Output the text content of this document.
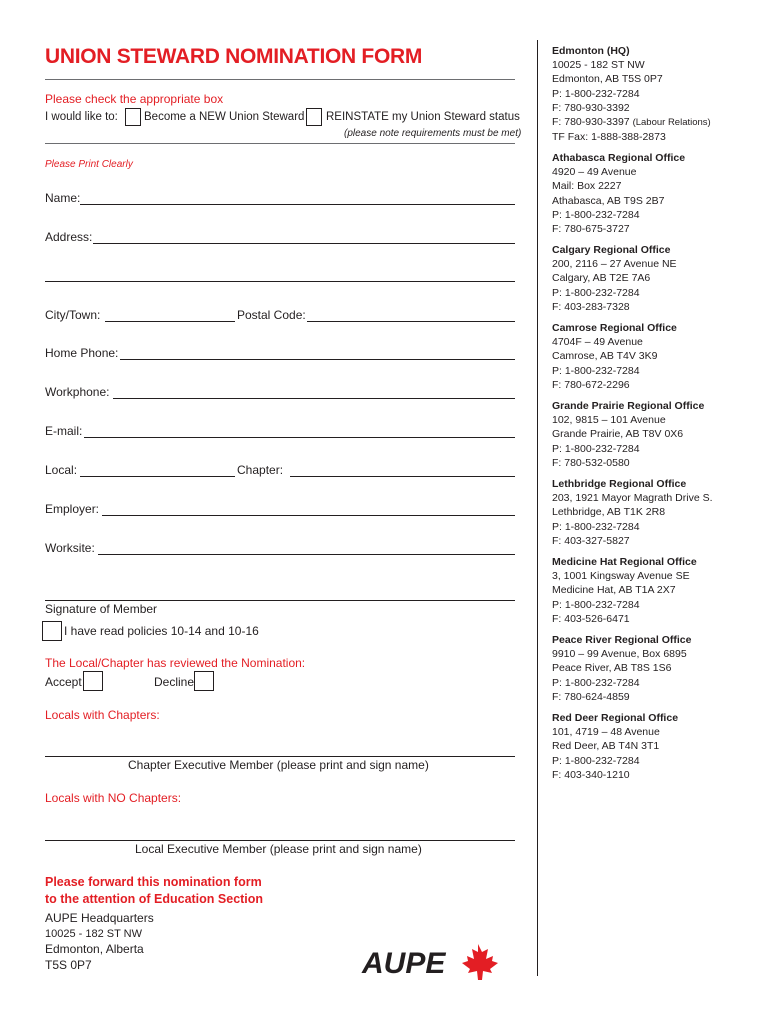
UNION STEWARD NOMINATION FORM
Please check the appropriate box
I would like to: Become a NEW Union Steward REINSTATE my Union Steward status
(please note requirements must be met)
Please Print Clearly
Name:
Address:
City/Town:	Postal Code:
Home Phone:
Workphone:
E-mail:
Local:	Chapter:
Employer:
Worksite:
Signature of Member
I have read policies 10-14 and 10-16
The Local/Chapter has reviewed the Nomination:
Accept	Decline
Locals with Chapters:
Chapter Executive Member (please print and sign name)
Locals with NO Chapters:
Local Executive Member (please print and sign name)
Please forward this nomination form
to the attention of Education Section
AUPE Headquarters
10025 - 182 ST NW
Edmonton, Alberta
T5S 0P7	AUPE
Edmonton (HQ)
10025 - 182 ST NW
Edmonton, AB T5S 0P7
P: 1-800-232-7284
F: 780-930-3392
F: 780-930-3397 (Labour Relations)
TF Fax: 1-888-388-2873
Athabasca Regional Office
4920 – 49 Avenue
Mail: Box 2227
Athabasca, AB T9S 2B7
P: 1-800-232-7284
F: 780-675-3727
Calgary Regional Office
200, 2116 – 27 Avenue NE
Calgary, AB T2E 7A6
P: 1-800-232-7284
F: 403-283-7328
Camrose Regional Office
4704F – 49 Avenue
Camrose, AB T4V 3K9
P: 1-800-232-7284
F: 780-672-2296
Grande Prairie Regional Office
102, 9815 – 101 Avenue
Grande Prairie, AB T8V 0X6
P: 1-800-232-7284
F: 780-532-0580
Lethbridge Regional Office
203, 1921 Mayor Magrath Drive S.
Lethbridge, AB T1K 2R8
P: 1-800-232-7284
F: 403-327-5827
Medicine Hat Regional Office
3, 1001 Kingsway Avenue SE
Medicine Hat, AB T1A 2X7
P: 1-800-232-7284
F: 403-526-6471
Peace River Regional Office
9910 – 99 Avenue, Box 6895
Peace River, AB T8S 1S6
P: 1-800-232-7284
F: 780-624-4859
Red Deer Regional Office
101, 4719 – 48 Avenue
Red Deer, AB T4N 3T1
P: 1-800-232-7284
F: 403-340-1210
